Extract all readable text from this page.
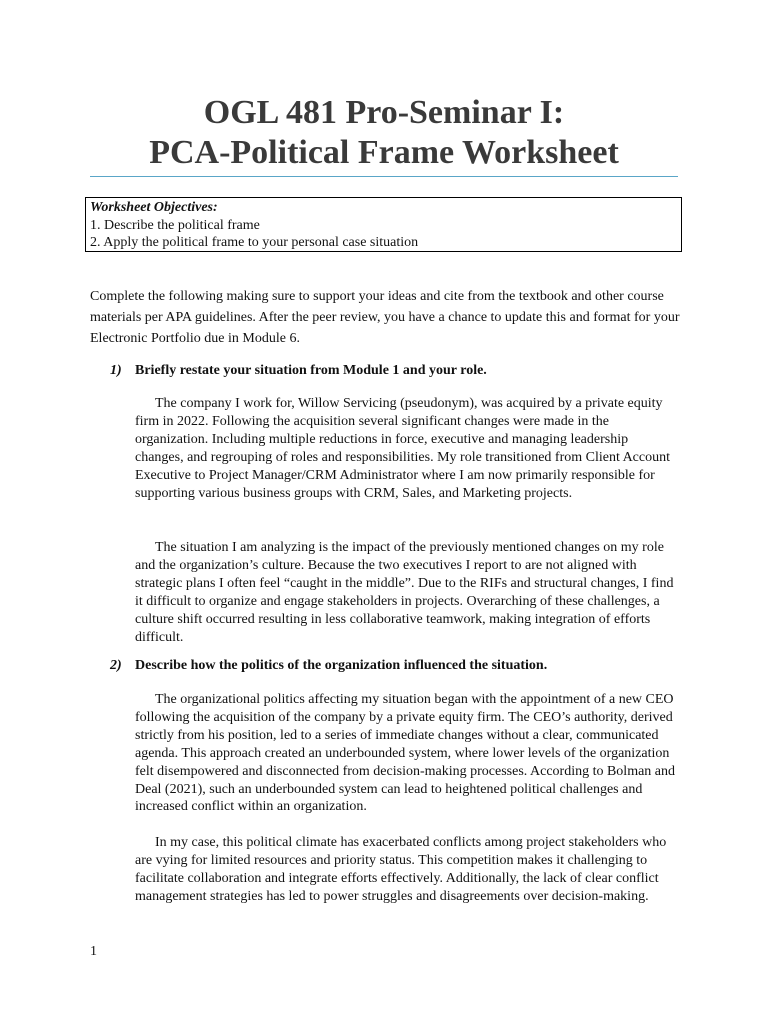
OGL 481 Pro-Seminar I:
PCA-Political Frame Worksheet
Worksheet Objectives:
1. Describe the political frame
2. Apply the political frame to your personal case situation

Complete the following making sure to support your ideas and cite from the textbook and other course materials per APA guidelines. After the peer review, you have a chance to update this and format for your Electronic Portfolio due in Module 6.

1) Briefly restate your situation from Module 1 and your role.

The company I work for, Willow Servicing (pseudonym), was acquired by a private equity firm in 2022. Following the acquisition several significant changes were made in the organization. Including multiple reductions in force, executive and managing leadership changes, and regrouping of roles and responsibilities. My role transitioned from Client Account Executive to Project Manager/CRM Administrator where I am now primarily responsible for supporting various business groups with CRM, Sales, and Marketing projects.

The situation I am analyzing is the impact of the previously mentioned changes on my role and the organization’s culture. Because the two executives I report to are not aligned with strategic plans I often feel “caught in the middle”. Due to the RIFs and structural changes, I find it difficult to organize and engage stakeholders in projects. Overarching of these challenges, a culture shift occurred resulting in less collaborative teamwork, making integration of efforts difficult.

2) Describe how the politics of the organization influenced the situation.

The organizational politics affecting my situation began with the appointment of a new CEO following the acquisition of the company by a private equity firm. The CEO’s authority, derived strictly from his position, led to a series of immediate changes without a clear, communicated agenda. This approach created an underbounded system, where lower levels of the organization felt disempowered and disconnected from decision-making processes. According to Bolman and Deal (2021), such an underbounded system can lead to heightened political challenges and increased conflict within an organization.

In my case, this political climate has exacerbated conflicts among project stakeholders who are vying for limited resources and priority status. This competition makes it challenging to facilitate collaboration and integrate efforts effectively. Additionally, the lack of clear conflict management strategies has led to power struggles and disagreements over decision-making.

1
